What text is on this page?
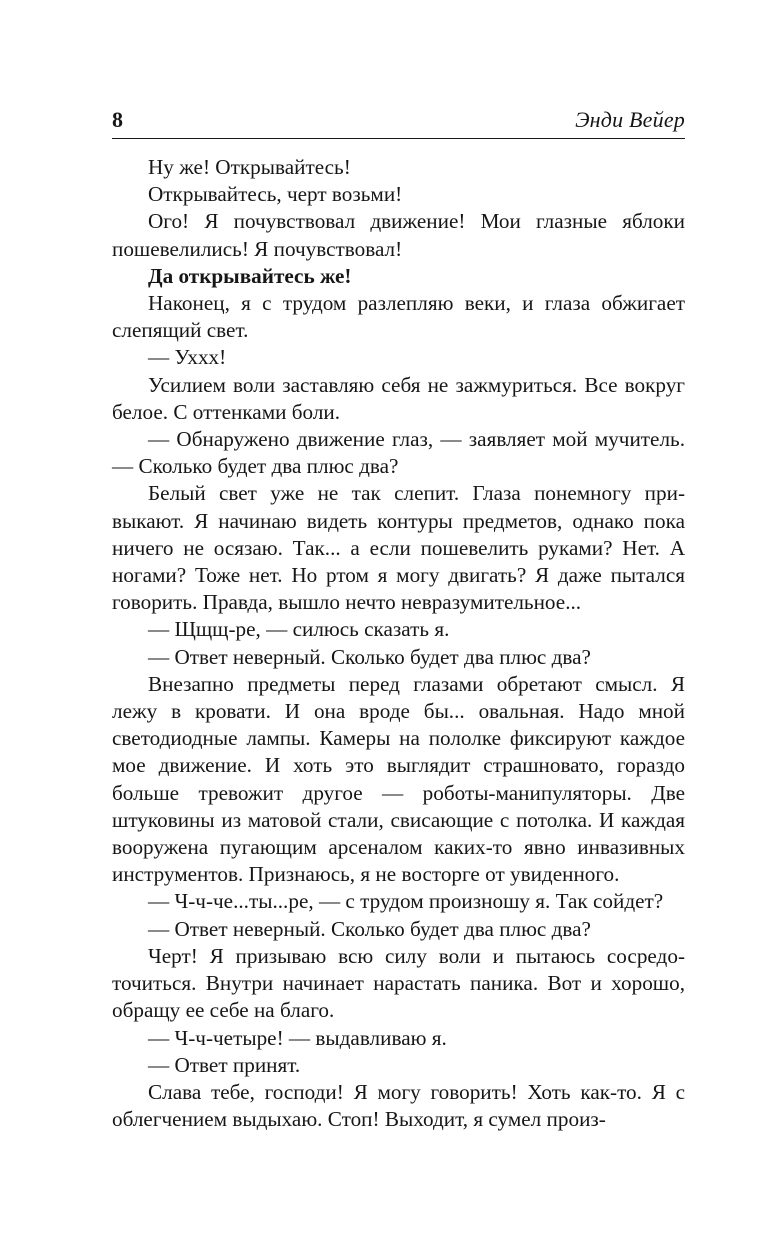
8	Энди Вейер

Ну же! Открывайтесь!

Открывайтесь, черт возьми!

Ого! Я почувствовал движение! Мои глазные яблоки пошевелились! Я почувствовал!

Да открывайтесь же!

Наконец, я с трудом разлепляю веки, и глаза обжигает слепящий свет.

— Ухxx!

Усилием воли заставляю себя не зажмуриться. Все вокруг белое. С оттенками боли.

— Обнаружено движение глаз, — заявляет мой мучитель. — Сколько будет два плюс два?

Белый свет уже не так слепит. Глаза понемногу привыкают. Я начинаю видеть контуры предметов, однако пока ничего не осязаю. Так... а если пошевелить руками? Нет. А ногами? Тоже нет. Но ртом я могу двигать? Я даже пытался говорить. Правда, вышло нечто невразумительное...

— Щщщ-ре, — силюсь сказать я.

— Ответ неверный. Сколько будет два плюс два?

Внезапно предметы перед глазами обретают смысл. Я лежу в кровати. И она вроде бы... овальная. Надо мной светодиодные лампы. Камеры на пололке фиксируют каждое мое движение. И хоть это выглядит страшновато, гораздо больше тревожит другое — роботы-манипуляторы. Две штуковины из матовой стали, свисающие с потолка. И каждая вооружена пугающим арсеналом каких-то явно инвазивных инструментов. Признаюсь, я не восторге от увиденного.

— Ч-ч-че...ты...ре, — с трудом произношу я. Так сойдет?

— Ответ неверный. Сколько будет два плюс два?

Черт! Я призываю всю силу воли и пытаюсь сосредоточиться. Внутри начинает нарастать паника. Вот и хорошо, обращу ее себе на благо.

— Ч-ч-четыре! — выдавливаю я.

— Ответ принят.

Слава тебе, господи! Я могу говорить! Хоть как-то. Я с облегчением выдыхаю. Стоп! Выходит, я сумел произ-
